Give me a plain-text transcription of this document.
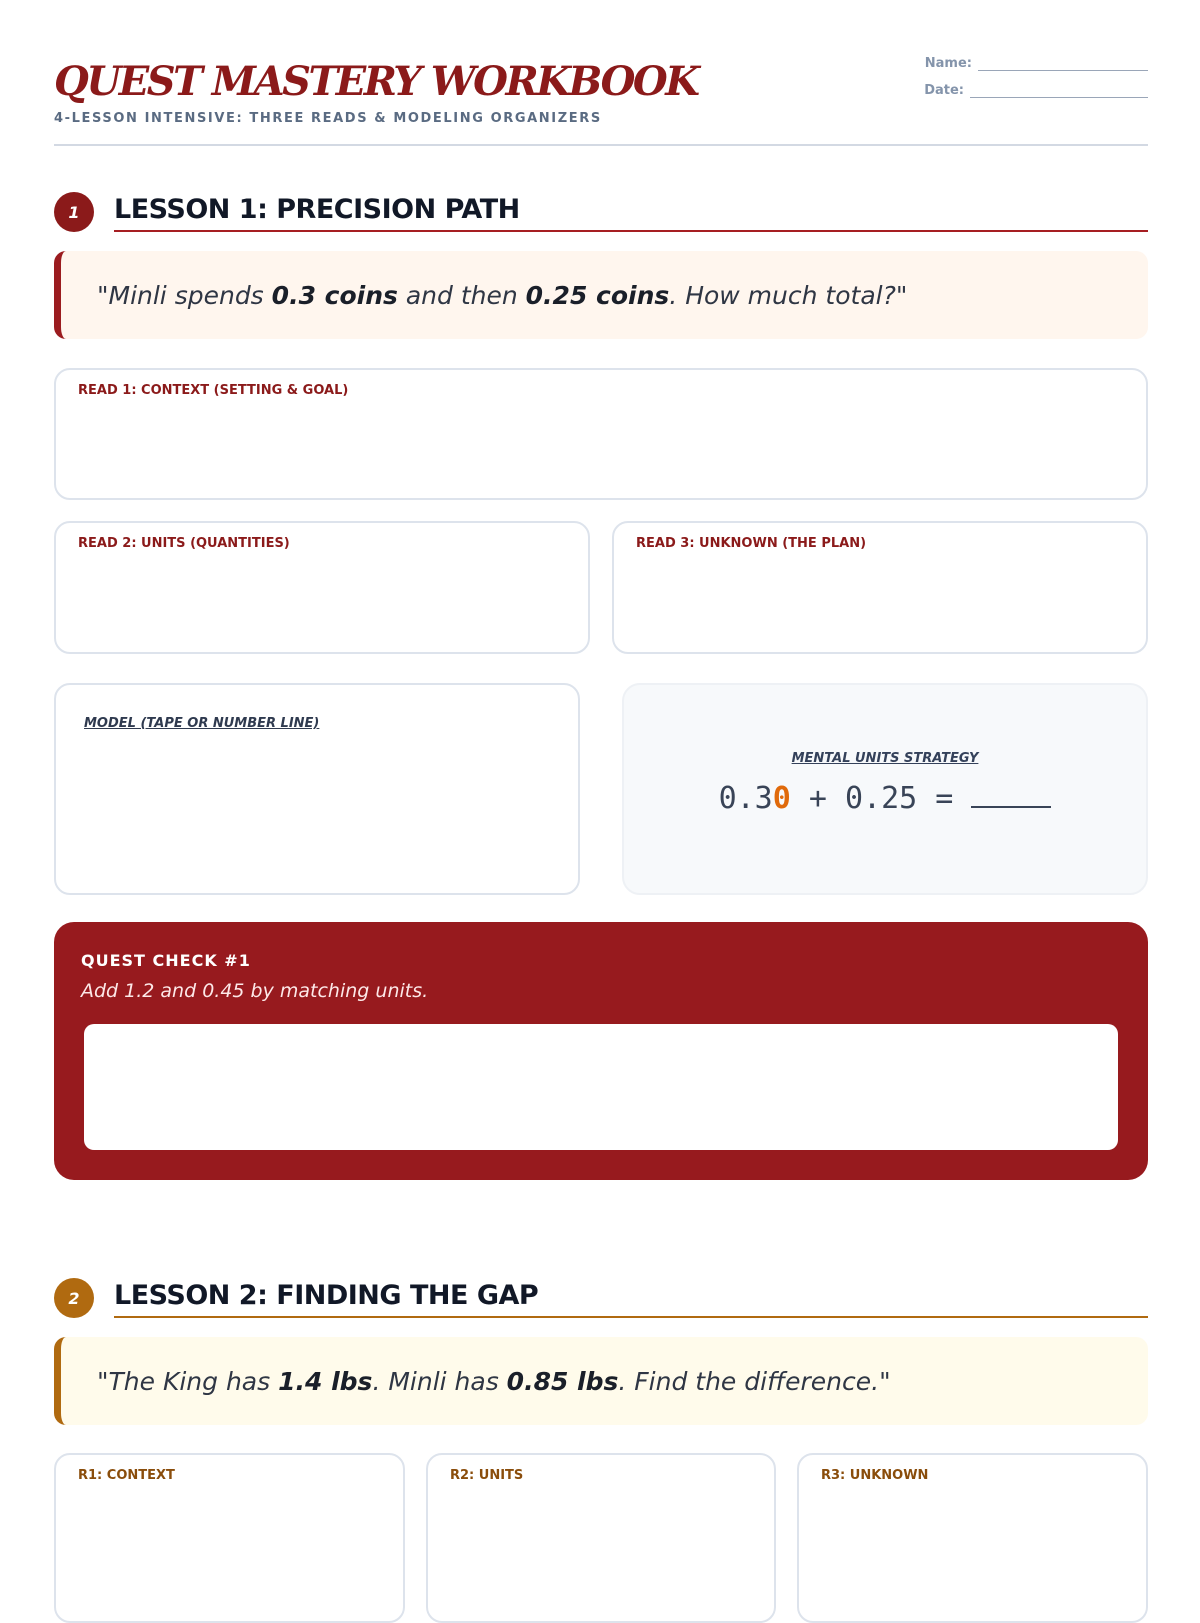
QUEST MASTERY WORKBOOK
4-LESSON INTENSIVE: THREE READS & MODELING ORGANIZERS
Name:
Date:
1	LESSON 1: PRECISION PATH
"Minli spends 0.3 coins and then 0.25 coins . How much total?"
READ 1: CONTEXT (SETTING & GOAL)
READ 2: UNITS (QUANTITIES)	READ 3: UNKNOWN (THE PLAN)
MODEL (TAPE OR NUMBER LINE)
MENTAL UNITS STRATEGY
0.30 + 0.25 =
QUEST CHECK #1
Add 1.2 and 0.45 by matching units.
2	LESSON 2: FINDING THE GAP
"The King has 1.4 lbs . Minli has 0.85 lbs . Find the difference."
R1: CONTEXT	R2: UNITS	R3: UNKNOWN
